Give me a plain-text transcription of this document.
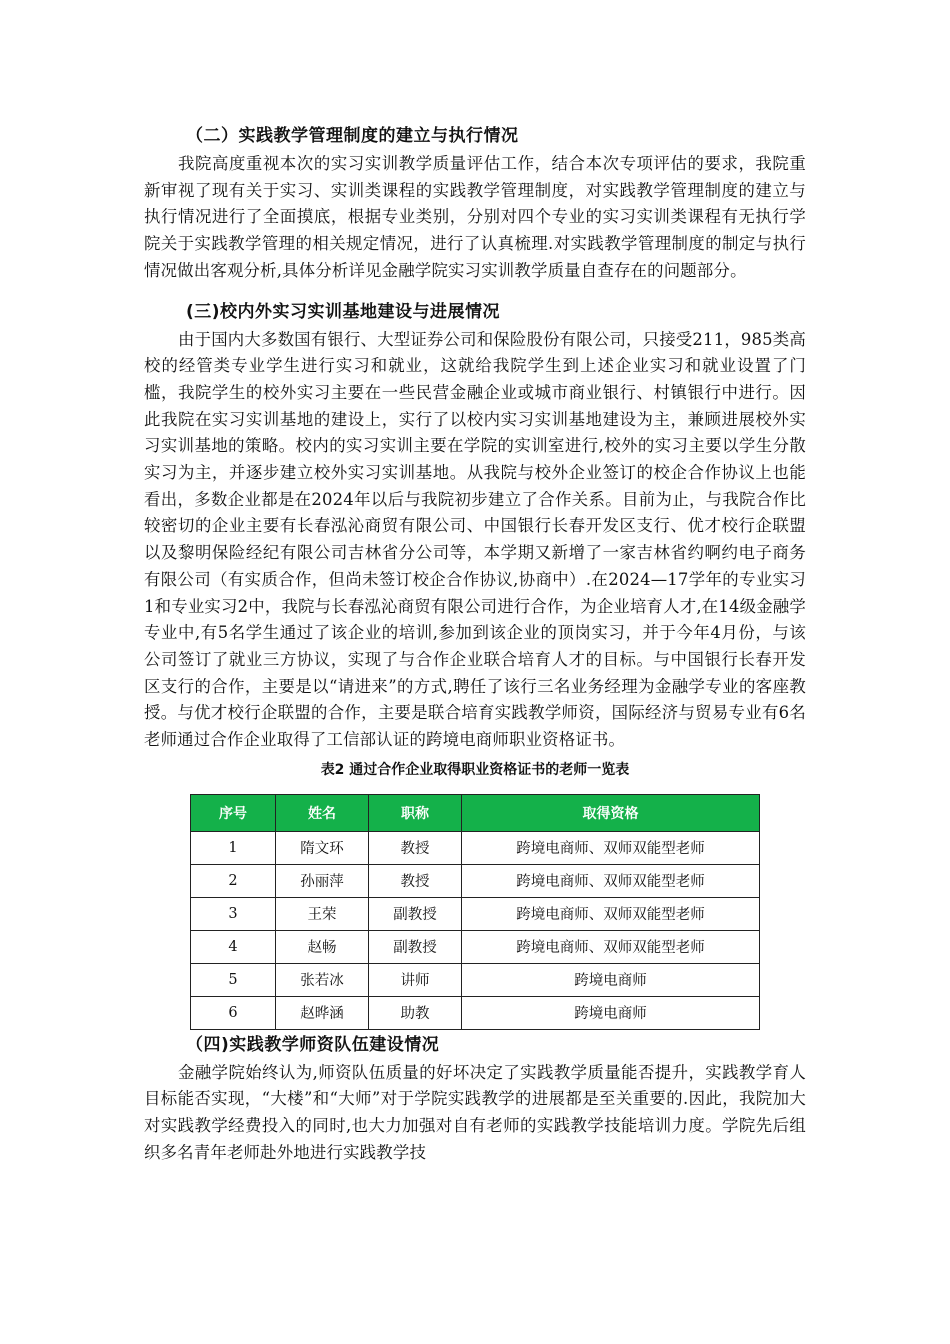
（二）实践教学管理制度的建立与执行情况

我院高度重视本次的实习实训教学质量评估工作，结合本次专项评估的要求，我院重新审视了现有关于实习、实训类课程的实践教学管理制度，对实践教学管理制度的建立与执行情况进行了全面摸底，根据专业类别，分别对四个专业的实习实训类课程有无执行学院关于实践教学管理的相关规定情况，进行了认真梳理.对实践教学管理制度的制定与执行情况做出客观分析,具体分析详见金融学院实习实训教学质量自查存在的问题部分。

(三)校内外实习实训基地建设与进展情况

由于国内大多数国有银行、大型证券公司和保险股份有限公司，只接受211，985类高校的经管类专业学生进行实习和就业，这就给我院学生到上述企业实习和就业设置了门槛，我院学生的校外实习主要在一些民营金融企业或城市商业银行、村镇银行中进行。因此我院在实习实训基地的建设上，实行了以校内实习实训基地建设为主，兼顾进展校外实习实训基地的策略。校内的实习实训主要在学院的实训室进行,校外的实习主要以学生分散实习为主，并逐步建立校外实习实训基地。从我院与校外企业签订的校企合作协议上也能看出，多数企业都是在2024年以后与我院初步建立了合作关系。目前为止，与我院合作比较密切的企业主要有长春泓沁商贸有限公司、中国银行长春开发区支行、优才校行企联盟以及黎明保险经纪有限公司吉林省分公司等，本学期又新增了一家吉林省约啊约电子商务有限公司（有实质合作，但尚未签订校企合作协议,协商中）.在2024—17学年的专业实习1和专业实习2中，我院与长春泓沁商贸有限公司进行合作，为企业培育人才,在14级金融学专业中,有5名学生通过了该企业的培训,参加到该企业的顶岗实习，并于今年4月份，与该公司签订了就业三方协议，实现了与合作企业联合培育人才的目标。与中国银行长春开发区支行的合作，主要是以“请进来”的方式,聘任了该行三名业务经理为金融学专业的客座教授。与优才校行企联盟的合作，主要是联合培育实践教学师资，国际经济与贸易专业有6名老师通过合作企业取得了工信部认证的跨境电商师职业资格证书。

表2 通过合作企业取得职业资格证书的老师一览表
序号	姓名	职称	取得资格
1	隋文环	教授	跨境电商师、双师双能型老师
2	孙丽萍	教授	跨境电商师、双师双能型老师
3	王荣	副教授	跨境电商师、双师双能型老师
4	赵畅	副教授	跨境电商师、双师双能型老师
5	张若冰	讲师	跨境电商师
6	赵晔涵	助教	跨境电商师
（四)实践教学师资队伍建设情况

金融学院始终认为,师资队伍质量的好坏决定了实践教学质量能否提升，实践教学育人目标能否实现，“大楼”和“大师”对于学院实践教学的进展都是至关重要的.因此，我院加大对实践教学经费投入的同时,也大力加强对自有老师的实践教学技能培训力度。学院先后组织多名青年老师赴外地进行实践教学技
